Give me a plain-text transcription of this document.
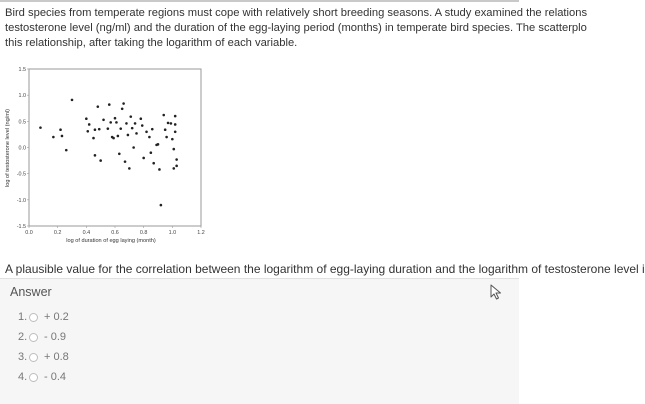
Bird species from temperate regions must cope with relatively short breeding seasons. A study examined the relations
testosterone level (ng/ml) and the duration of the egg-laying period (months) in temperate bird species. The scatterplo
this relationship, after taking the logarithm of each variable.
1.5
1.0
0.5
0.0
-0.5
-1.0
-1.5
0.0	0.2	0.4	0.6	0.8	1.0	1.2
log of duration of egg laying (month)
log of testosterone level (ng/ml)
A plausible value for the correlation between the logarithm of egg-laying duration and the logarithm of testosterone level i
Answer
1. + 0.2
2. - 0.9
3. + 0.8
4. - 0.4
